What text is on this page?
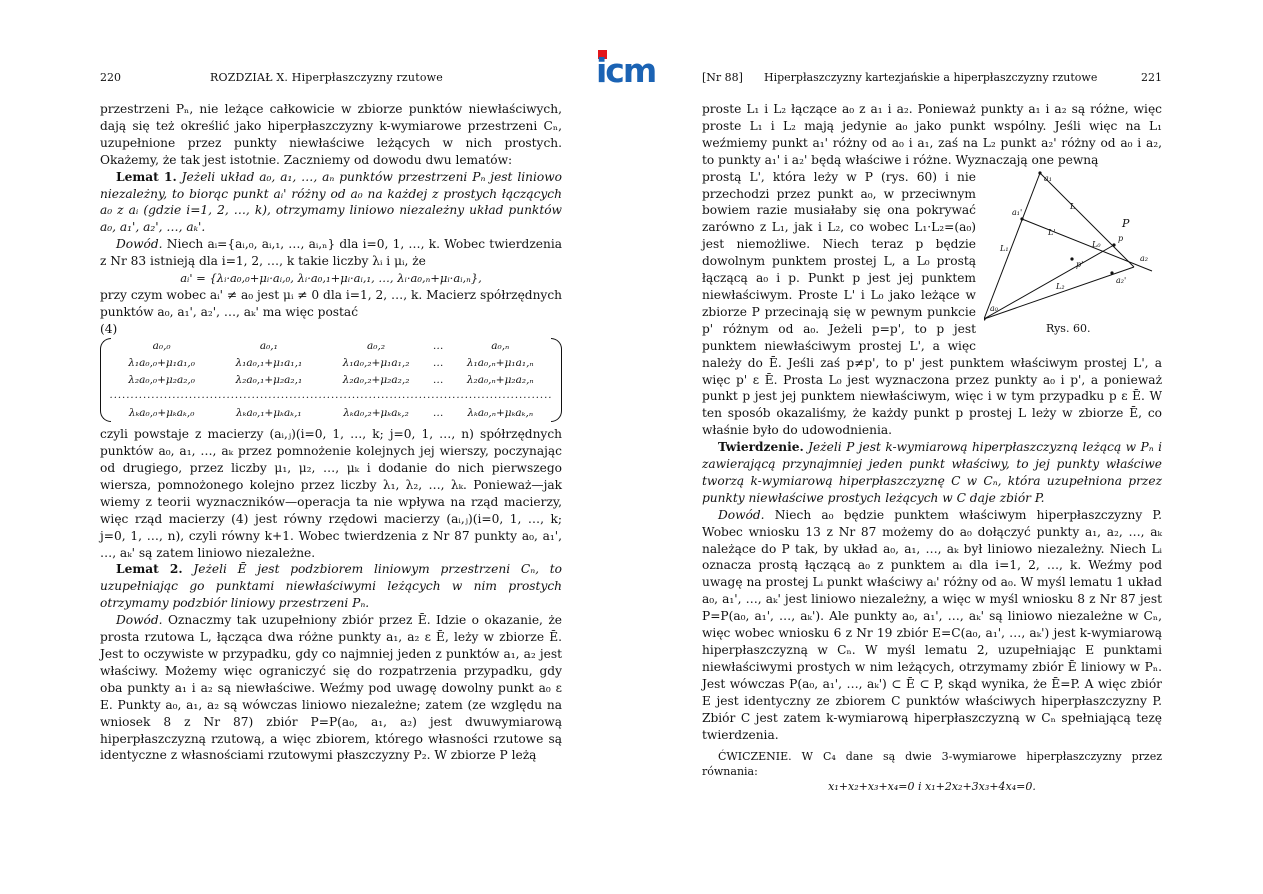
icm
220	ROZDZIAŁ X. Hiperpłaszczyzny rzutowe

przestrzeni Pₙ, nie leżące całkowicie w zbiorze punktów niewłaściwych, dają się też określić jako hiperpłaszczyzny k-wymiarowe przestrzeni Cₙ, uzupełnione przez punkty niewłaściwe leżących w nich prostych. Okażemy, że tak jest istotnie. Zaczniemy od dowodu dwu lematów:

Lemat 1. Jeżeli układ a₀, a₁, …, aₙ punktów przestrzeni Pₙ jest liniowo niezależny, to biorąc punkt aᵢ' różny od a₀ na każdej z prostych łączących a₀ z aᵢ (gdzie i=1, 2, …, k), otrzymamy liniowo niezależny układ punktów a₀, a₁', a₂', …, aₖ'.

Dowód. Niech aᵢ={aᵢ,₀, aᵢ,₁, …, aᵢ,ₙ} dla i=0, 1, …, k. Wobec twierdzenia z Nr 83 istnieją dla i=1, 2, …, k takie liczby λᵢ i μᵢ, że

aᵢ' = {λᵢ·a₀,₀+μᵢ·aᵢ,₀, λᵢ·a₀,₁+μᵢ·aᵢ,₁, …, λᵢ·a₀,ₙ+μᵢ·aᵢ,ₙ},

przy czym wobec aᵢ' ≠ a₀ jest μᵢ ≠ 0 dla i=1, 2, …, k. Macierz spółrzędnych punktów a₀, a₁', a₂', …, aₖ' ma więc postać

(4)

a₀,₀	a₀,₁	a₀,₂	…	a₀,ₙ
λ₁a₀,₀+μ₁a₁,₀	λ₁a₀,₁+μ₁a₁,₁	λ₁a₀,₂+μ₁a₁,₂	…	λ₁a₀,ₙ+μ₁a₁,ₙ
λ₂a₀,₀+μ₂a₂,₀	λ₂a₀,₁+μ₂a₂,₁	λ₂a₀,₂+μ₂a₂,₂	…	λ₂a₀,ₙ+μ₂a₂,ₙ
..........................................................................................................				
λₖa₀,₀+μₖaₖ,₀	λₖa₀,₁+μₖaₖ,₁	λₖa₀,₂+μₖaₖ,₂	…	λₖa₀,ₙ+μₖaₖ,ₙ

czyli powstaje z macierzy (aᵢ,ⱼ)(i=0, 1, …, k; j=0, 1, …, n) spółrzędnych punktów a₀, a₁, …, aₖ przez pomnożenie kolejnych jej wierszy, poczynając od drugiego, przez liczby μ₁, μ₂, …, μₖ i dodanie do nich pierwszego wiersza, pomnożonego kolejno przez liczby λ₁, λ₂, …, λₖ. Ponieważ—jak wiemy z teorii wyznaczników—operacja ta nie wpływa na rząd macierzy, więc rząd macierzy (4) jest równy rzędowi macierzy (aᵢ,ⱼ)(i=0, 1, …, k; j=0, 1, …, n), czyli równy k+1. Wobec twierdzenia z Nr 87 punkty a₀, a₁', …, aₖ' są zatem liniowo niezależne.

Lemat 2. Jeżeli Ē jest podzbiorem liniowym przestrzeni Cₙ, to uzupełniając go punktami niewłaściwymi leżących w nim prostych otrzymamy podzbiór liniowy przestrzeni Pₙ.

Dowód. Oznaczmy tak uzupełniony zbiór przez Ē. Idzie o okazanie, że prosta rzutowa L, łącząca dwa różne punkty a₁, a₂ ε Ē, leży w zbiorze Ē. Jest to oczywiste w przypadku, gdy co najmniej jeden z punktów a₁, a₂ jest właściwy. Możemy więc ograniczyć się do rozpatrzenia przypadku, gdy oba punkty a₁ i a₂ są niewłaściwe. Weźmy pod uwagę dowolny punkt a₀ ε E. Punkty a₀, a₁, a₂ są wówczas liniowo niezależne; zatem (ze względu na wniosek 8 z Nr 87) zbiór P=P(a₀, a₁, a₂) jest dwuwymiarową hiperpłaszczyzną rzutową, a więc zbiorem, którego własności rzutowe są identyczne z własnościami rzutowymi płaszczyzny P₂. W zbiorze P leżą

[Nr 88] Hiperpłaszczyzny kartezjańskie a hiperpłaszczyzny rzutowe	221

proste L₁ i L₂ łączące a₀ z a₁ i a₂. Ponieważ punkty a₁ i a₂ są różne, więc proste L₁ i L₂ mają jedynie a₀ jako punkt wspólny. Jeśli więc na L₁ weźmiemy punkt a₁' różny od a₀ i a₁, zaś na L₂ punkt a₂' różny od a₀ i a₂, to punkty a₁' i a₂' będą właściwe i różne. Wyznaczają one pewną

a₁
L
P
L₀
a₂
a₁'
L'
p'
a₂'
L₁
L₂
a₀
p
Rys. 60.

prostą L', która leży w P (rys. 60) i nie przechodzi przez punkt a₀, w przeciwnym bowiem razie musiałaby się ona pokrywać zarówno z L₁, jak i L₂, co wobec L₁·L₂=(a₀) jest niemożliwe. Niech teraz p będzie dowolnym punktem prostej L, a L₀ prostą łączącą a₀ i p. Punkt p jest jej punktem niewłaściwym. Proste L' i L₀ jako leżące w zbiorze P przecinają się w pewnym punkcie p' różnym od a₀. Jeżeli p=p', to p jest punktem niewłaściwym prostej L', a więc należy do Ē. Jeśli zaś p≠p', to p' jest punktem właściwym prostej L', a więc p' ε Ē. Prosta L₀ jest wyznaczona przez punkty a₀ i p', a ponieważ punkt p jest jej punktem niewłaściwym, więc i w tym przypadku p ε Ē. W ten sposób okazaliśmy, że każdy punkt p prostej L leży w zbiorze Ē, co właśnie było do udowodnienia.

Twierdzenie. Jeżeli P jest k-wymiarową hiperpłaszczyzną leżącą w Pₙ i zawierającą przynajmniej jeden punkt właściwy, to jej punkty właściwe tworzą k-wymiarową hiperpłaszczyznę C w Cₙ, która uzupełniona przez punkty niewłaściwe prostych leżących w C daje zbiór P.

Dowód. Niech a₀ będzie punktem właściwym hiperpłaszczyzny P. Wobec wniosku 13 z Nr 87 możemy do a₀ dołączyć punkty a₁, a₂, …, aₖ należące do P tak, by układ a₀, a₁, …, aₖ był liniowo niezależny. Niech Lᵢ oznacza prostą łączącą a₀ z punktem aᵢ dla i=1, 2, …, k. Weźmy pod uwagę na prostej Lᵢ punkt właściwy aᵢ' różny od a₀. W myśl lematu 1 układ a₀, a₁', …, aₖ' jest liniowo niezależny, a więc w myśl wniosku 8 z Nr 87 jest P=P(a₀, a₁', …, aₖ'). Ale punkty a₀, a₁', …, aₖ' są liniowo niezależne w Cₙ, więc wobec wniosku 6 z Nr 19 zbiór E=C(a₀, a₁', …, aₖ') jest k-wymiarową hiperpłaszczyzną w Cₙ. W myśl lematu 2, uzupełniając E punktami niewłaściwymi prostych w nim leżących, otrzymamy zbiór Ē liniowy w Pₙ. Jest wówczas P(a₀, a₁', …, aₖ') ⊂ Ē ⊂ P, skąd wynika, że Ē=P. A więc zbiór E jest identyczny ze zbiorem C punktów właściwych hiperpłaszczyzny P. Zbiór C jest zatem k-wymiarową hiperpłaszczyzną w Cₙ spełniającą tezę twierdzenia.

ĆWICZENIE. W C₄ dane są dwie 3-wymiarowe hiperpłaszczyzny przez równania:

x₁+x₂+x₃+x₄=0 i x₁+2x₂+3x₃+4x₄=0.
